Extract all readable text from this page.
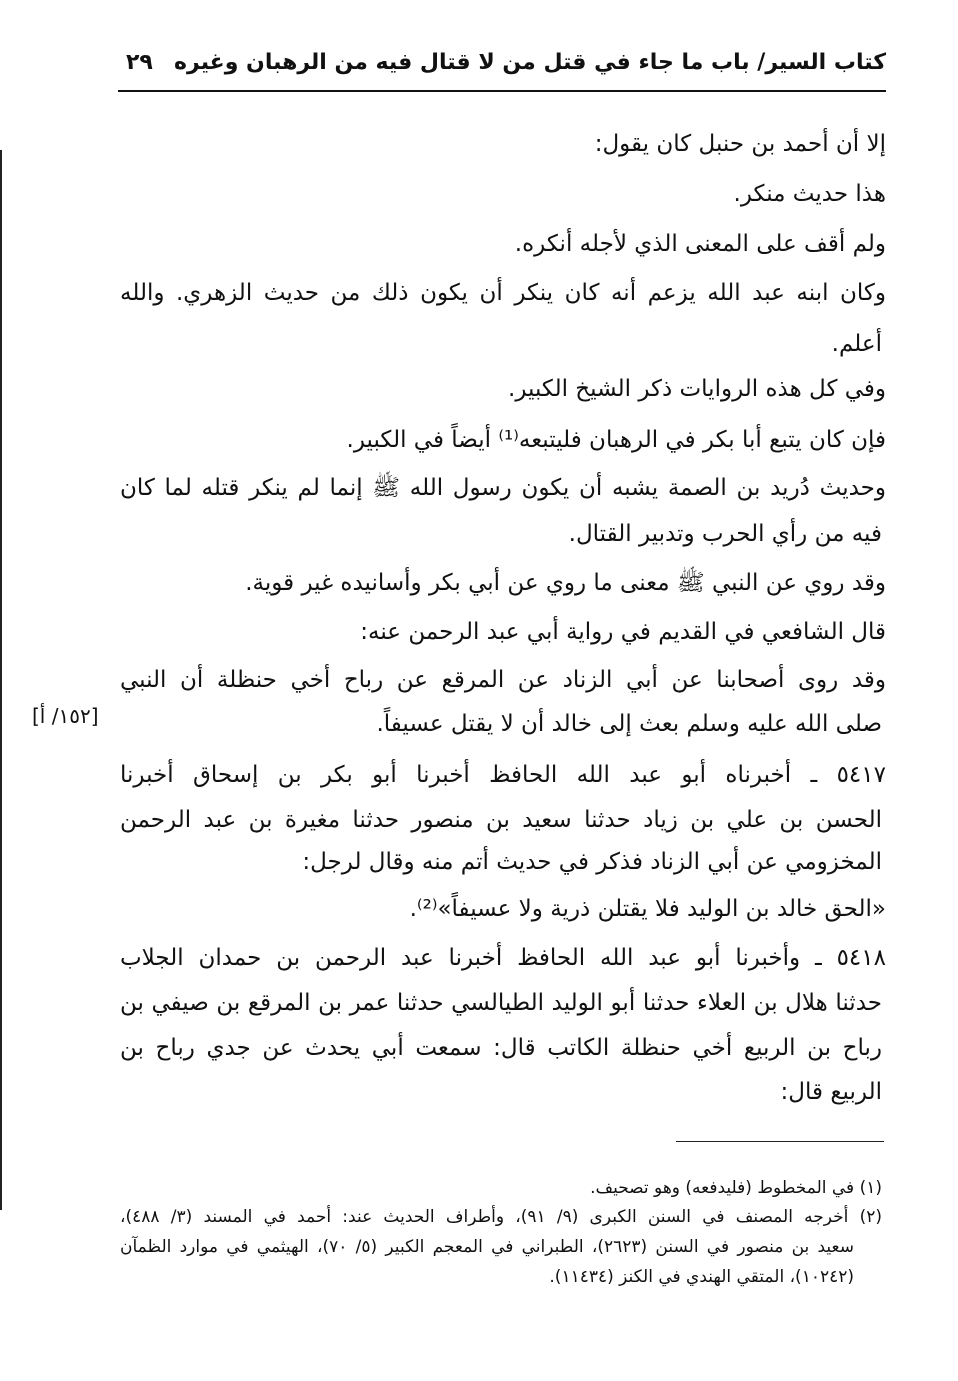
كتاب السير/ باب ما جاء في قتل من لا قتال فيه من الرهبان وغيره
٢٩
إلا أن أحمد بن حنبل كان يقول:
هذا حديث منكر.
ولم أقف على المعنى الذي لأجله أنكره.
وكان ابنه عبد الله يزعم أنه كان ينكر أن يكون ذلك من حديث الزهري. والله
أعلم.
وفي كل هذه الروايات ذكر الشيخ الكبير.
فإن كان يتبع أبا بكر في الرهبان فليتبعه⁽¹⁾ أيضاً في الكبير.
وحديث دُريد بن الصمة يشبه أن يكون رسول الله ﷺ إنما لم ينكر قتله لما كان
فيه من رأي الحرب وتدبير القتال.
وقد روي عن النبي ﷺ معنى ما روي عن أبي بكر وأسانيده غير قوية.
قال الشافعي في القديم في رواية أبي عبد الرحمن عنه:
وقد روى أصحابنا عن أبي الزناد عن المرقع عن رباح أخي حنظلة أن النبي
صلى الله عليه وسلم بعث إلى خالد أن لا يقتل عسيفاً.
[١٥٢/ أ]
٥٤١٧ ـ أخبرناه أبو عبد الله الحافظ أخبرنا أبو بكر بن إسحاق أخبرنا
الحسن بن علي بن زياد حدثنا سعيد بن منصور حدثنا مغيرة بن عبد الرحمن
المخزومي عن أبي الزناد فذكر في حديث أتم منه وقال لرجل:
«الحق خالد بن الوليد فلا يقتلن ذرية ولا عسيفاً»⁽²⁾.
٥٤١٨ ـ وأخبرنا أبو عبد الله الحافظ أخبرنا عبد الرحمن بن حمدان الجلاب
حدثنا هلال بن العلاء حدثنا أبو الوليد الطيالسي حدثنا عمر بن المرقع بن صيفي بن
رباح بن الربيع أخي حنظلة الكاتب قال: سمعت أبي يحدث عن جدي رباح بن
الربيع قال:
(١) في المخطوط (فليدفعه) وهو تصحيف.
(٢) أخرجه المصنف في السنن الكبرى (٩/ ٩١)، وأطراف الحديث عند: أحمد في المسند (٣/ ٤٨٨)،
سعيد بن منصور في السنن (٢٦٢٣)، الطبراني في المعجم الكبير (٥/ ٧٠)، الهيثمي في موارد الظمآن
(١٠٢٤٢)، المتقي الهندي في الكنز (١١٤٣٤).
